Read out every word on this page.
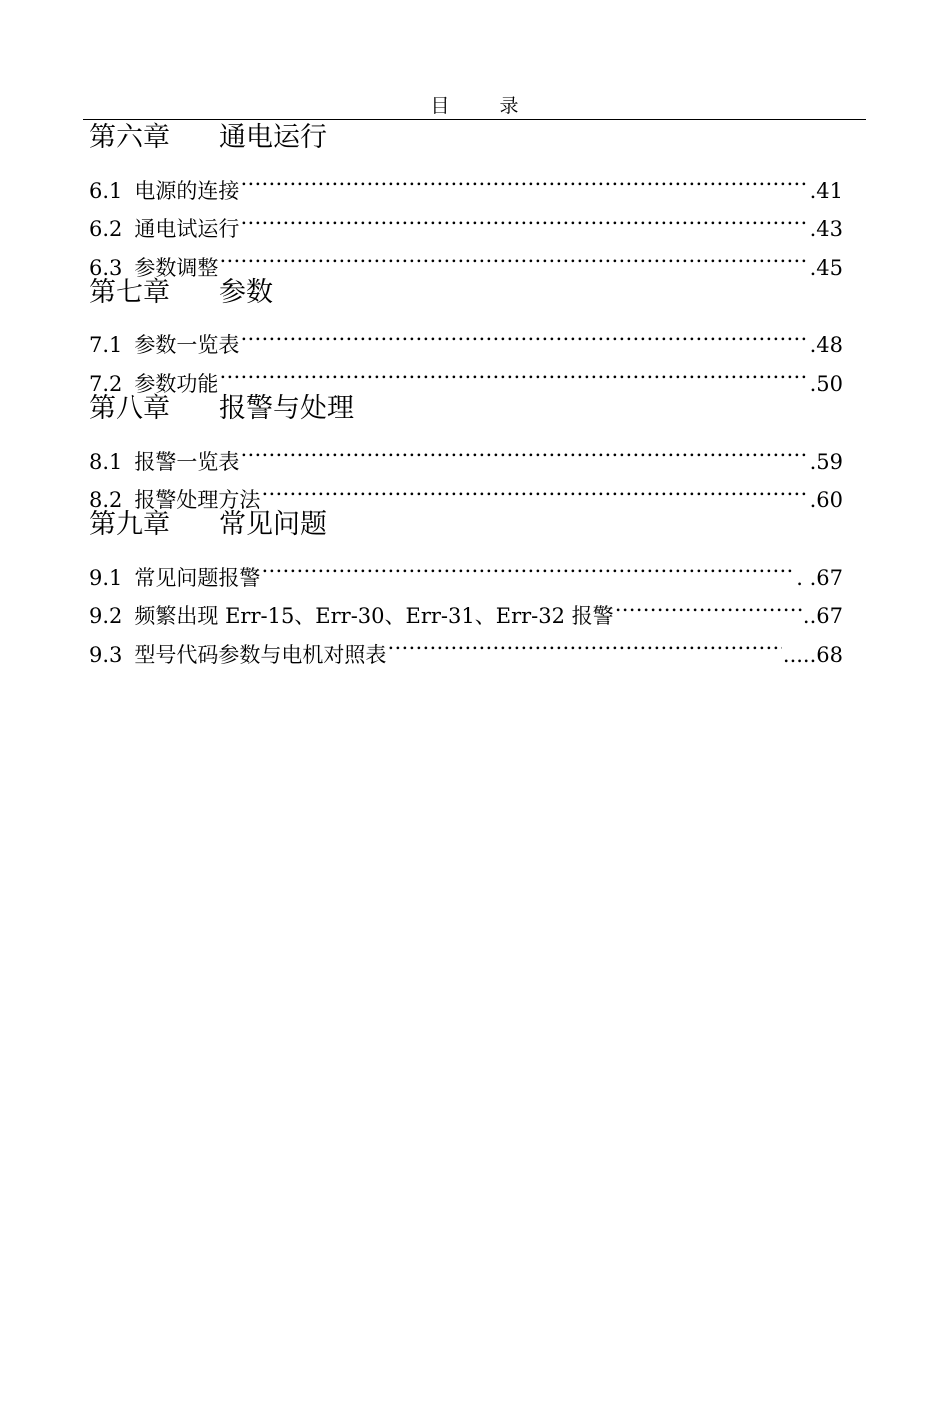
目 录
第六章	通电运行
6.1 电源的连接 …………………………………………………………………………………………………………………………………………………………………………………………………………	.41
6.2 通电试运行 …………………………………………………………………………………………………………………………………………………………………………………………………………	.43
6.3 参数调整 …………………………………………………………………………………………………………………………………………………………………………………………………………	.45
第七章	参数
7.1 参数一览表 …………………………………………………………………………………………………………………………………………………………………………………………………………	.48
7.2 参数功能 …………………………………………………………………………………………………………………………………………………………………………………………………………	.50
第八章	报警与处理
8.1 报警一览表 …………………………………………………………………………………………………………………………………………………………………………………………………………	.59
8.2 报警处理方法 …………………………………………………………………………………………………………………………………………………………………………………………………………	.60
第九章	常见问题
9.1 常见问题报警 …………………………………………………………………………………………………………………………………………………………………………………………………………	. .67
9.2 频繁出现 Err-15、Err-30、Err-31、Err-32 报警 …………………………………………………………………………………………………………………………………………………………………………………………………………	..67
9.3 型号代码参数与电机对照表 …………………………………………………………………………………………………………………………………………………………………………………………………………	.....68
